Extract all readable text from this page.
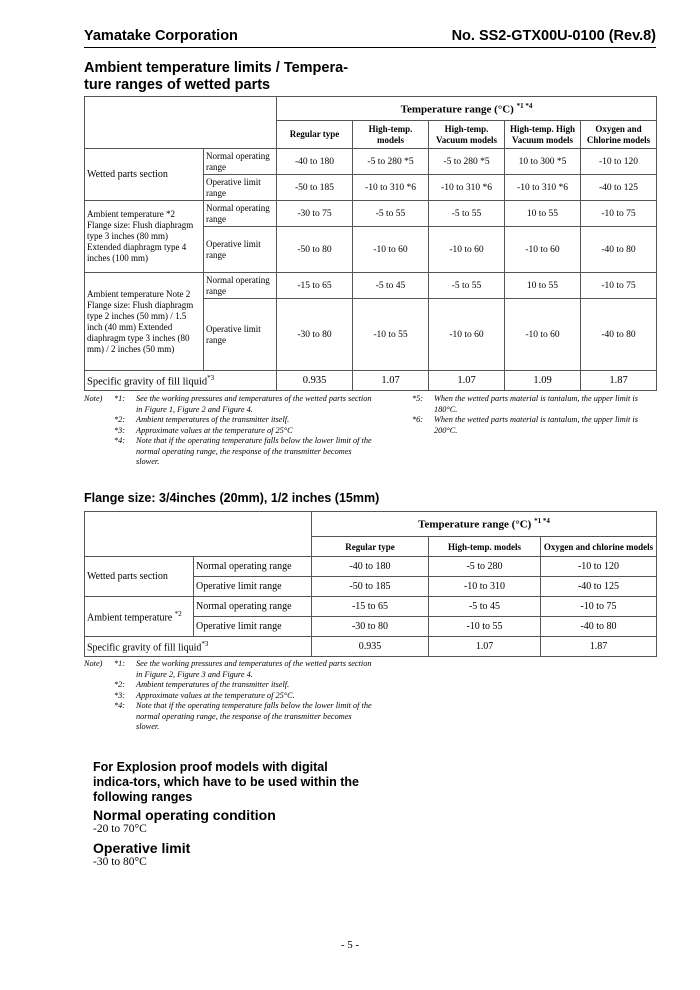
Yamatake Corporation	No. SS2-GTX00U-0100 (Rev.8)
Ambient temperature limits / Tempera-ture ranges of wetted parts
		Temperature range (°C) $^{*1 *4}$
		Regular type	High-temp. models	High-temp. Vacuum models	High-temp. High Vacuum models	Oxygen and Chlorine models
Wetted parts section	Normal operating range	-40 to 180	-5 to 280 *5	-5 to 280 *5	10 to 300 *5	-10 to 120
	Operative limit range	-50 to 185	-10 to 310 *6	-10 to 310 *6	-10 to 310 *6	-40 to 125
Ambient temperature *2 Flange size: Flush diaphragm type 3 inches (80 mm) Extended diaphragm type 4 inches (100 mm)	Normal operating range	-30 to 75	-5 to 55	-5 to 55	10 to 55	-10 to 75
	Operative limit range	-50 to 80	-10 to 60	-10 to 60	-10 to 60	-40 to 80
Ambient temperature Note 2 Flange size: Flush diaphragm type 2 inches (50 mm) / 1.5 inch (40 mm) Extended diaphragm type 3 inches (80 mm) / 2 inches (50 mm)	Normal operating range	-15 to 65	-5 to 45	-5 to 55	10 to 55	-10 to 75
	Operative limit range	-30 to 80	-10 to 55	-10 to 60	-10 to 60	-40 to 80
Specific gravity of fill liquid$^{*3}$		0.935	1.07	1.07	1.09	1.87
Note)	*1:	See the working pressures and temperatures of the wetted parts section in Figure 1, Figure 2 and Figure 4.
*2:	Ambient temperatures of the transmitter itself.
*3:	Approximate values at the temperature of 25°C
*4:	Note that if the operating temperature falls below the lower limit of the normal operating range, the response of the transmitter becomes slower.
*5:	When the wetted parts material is tantalum, the upper limit is 180°C.
*6:	When the wetted parts material is tantalum, the upper limit is 200°C.
Flange size: 3/4inches (20mm), 1/2 inches (15mm)
		Temperature range (°C) $^{*1 *4}$
		Regular type	High-temp. models	Oxygen and chlorine models
Wetted parts section	Normal operating range	-40 to 180	-5 to 280	-10 to 120
	Operative limit range	-50 to 185	-10 to 310	-40 to 125
Ambient temperature $^{*2}$	Normal operating range	-15 to 65	-5 to 45	-10 to 75
	Operative limit range	-30 to 80	-10 to 55	-40 to 80
Specific gravity of fill liquid$^{*3}$		0.935	1.07	1.87
Note)	*1:	See the working pressures and temperatures of the wetted parts section in Figure 2, Figure 3 and Figure 4.
*2:	Ambient temperatures of the transmitter itself.
*3:	Approximate values at the temperature of 25°C.
*4:	Note that if the operating temperature falls below the lower limit of the normal operating range, the response of the transmitter becomes slower.
For Explosion proof models with digital indica-tors, which have to be used within the following ranges
Normal operating condition
-20 to 70°C
Operative limit
-30 to 80°C
- 5 -
